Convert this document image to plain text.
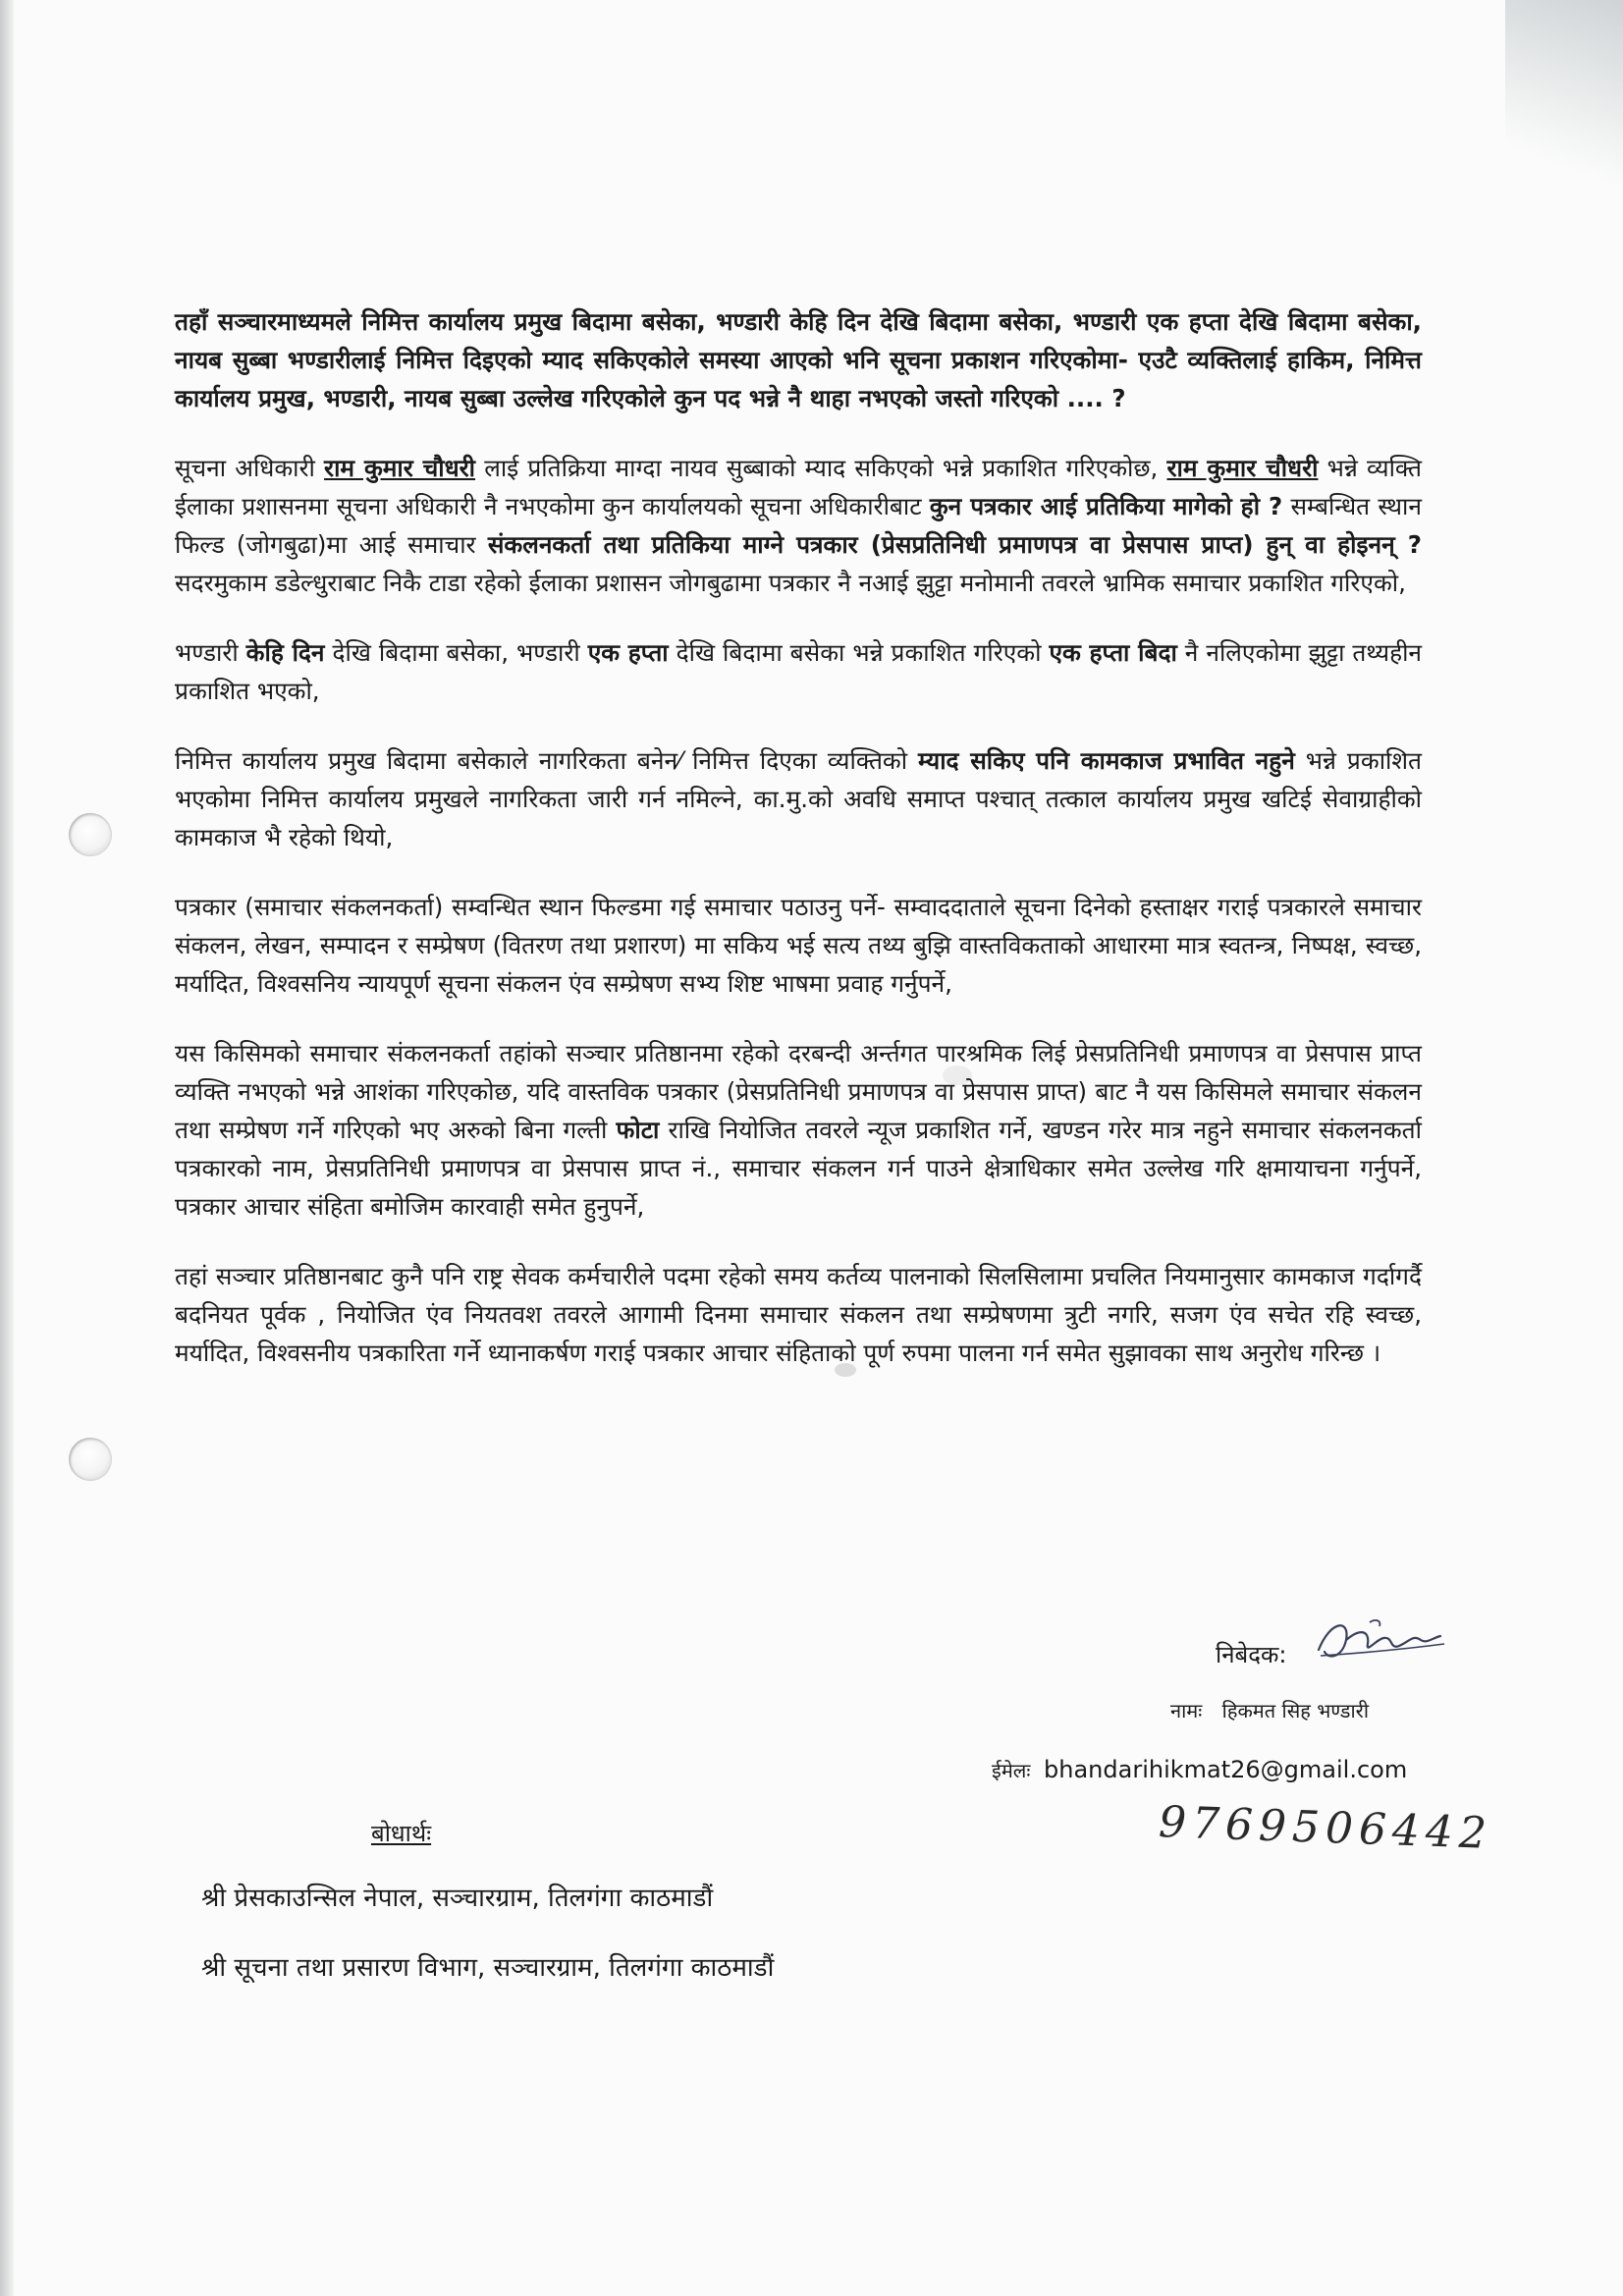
तहाँ सञ्चारमाध्यमले निमित्त कार्यालय प्रमुख बिदामा बसेका, भण्डारी केहि दिन देखि बिदामा बसेका, भण्डारी एक हप्ता देखि बिदामा बसेका, नायब सुब्बा भण्डारीलाई निमित्त दिइएको म्याद सकिएकोले समस्या आएको भनि सूचना प्रकाशन गरिएकोमा- एउटै व्यक्तिलाई हाकिम, निमित्त कार्यालय प्रमुख, भण्डारी, नायब सुब्बा उल्लेख गरिएकोले कुन पद भन्ने नै थाहा नभएको जस्तो गरिएको .... ?

सूचना अधिकारी राम कुमार चौधरी लाई प्रतिक्रिया माग्दा नायव सुब्बाको म्याद सकिएको भन्ने प्रकाशित गरिएकोछ, राम कुमार चौधरी भन्ने व्यक्ति ईलाका प्रशासनमा सूचना अधिकारी नै नभएकोमा कुन कार्यालयको सूचना अधिकारीबाट कुन पत्रकार आई प्रतिकिया मागेको हो ? सम्बन्धित स्थान फिल्ड (जोगबुढा)मा आई समाचार संकलनकर्ता तथा प्रतिकिया माग्ने पत्रकार (प्रेसप्रतिनिधी प्रमाणपत्र वा प्रेसपास प्राप्त) हुन् वा होइनन् ? सदरमुकाम डडेल्धुराबाट निकै टाडा रहेको ईलाका प्रशासन जोगबुढामा पत्रकार नै नआई झुट्टा मनोमानी तवरले भ्रामिक समाचार प्रकाशित गरिएको,

भण्डारी केहि दिन देखि बिदामा बसेका, भण्डारी एक हप्ता देखि बिदामा बसेका भन्ने प्रकाशित गरिएको एक हप्ता बिदा नै नलिएकोमा झुट्टा तथ्यहीन प्रकाशित भएको,

निमित्त कार्यालय प्रमुख बिदामा बसेकाले नागरिकता बनेन⁄ निमित्त दिएका व्यक्तिको म्याद सकिए पनि कामकाज प्रभावित नहुने भन्ने प्रकाशित भएकोमा निमित्त कार्यालय प्रमुखले नागरिकता जारी गर्न नमिल्ने, का.मु.को अवधि समाप्त पश्चात् तत्काल कार्यालय प्रमुख खटिई सेवाग्राहीको कामकाज भै रहेको थियो,

पत्रकार (समाचार संकलनकर्ता) सम्वन्धित स्थान फिल्डमा गई समाचार पठाउनु पर्ने- सम्वाददाताले सूचना दिनेको हस्ताक्षर गराई पत्रकारले समाचार संकलन, लेखन, सम्पादन र सम्प्रेषण (वितरण तथा प्रशारण) मा सकिय भई सत्य तथ्य बुझि वास्तविकताको आधारमा मात्र स्वतन्त्र, निष्पक्ष, स्वच्छ, मर्यादित, विश्वसनिय न्यायपूर्ण सूचना संकलन एंव सम्प्रेषण सभ्य शिष्ट भाषमा प्रवाह गर्नुपर्ने,

यस किसिमको समाचार संकलनकर्ता तहांको सञ्चार प्रतिष्ठानमा रहेको दरबन्दी अर्न्तगत पारश्रमिक लिई प्रेसप्रतिनिधी प्रमाणपत्र वा प्रेसपास प्राप्त व्यक्ति नभएको भन्ने आशंका गरिएकोछ, यदि वास्तविक पत्रकार (प्रेसप्रतिनिधी प्रमाणपत्र वा प्रेसपास प्राप्त) बाट नै यस किसिमले समाचार संकलन तथा सम्प्रेषण गर्ने गरिएको भए अरुको बिना गल्ती फोटा राखि नियोजित तवरले न्यूज प्रकाशित गर्ने, खण्डन गरेर मात्र नहुने समाचार संकलनकर्ता पत्रकारको नाम, प्रेसप्रतिनिधी प्रमाणपत्र वा प्रेसपास प्राप्त नं., समाचार संकलन गर्न पाउने क्षेत्राधिकार समेत उल्लेख गरि क्षमायाचना गर्नुपर्ने, पत्रकार आचार संहिता बमोजिम कारवाही समेत हुनुपर्ने,

तहां सञ्चार प्रतिष्ठानबाट कुनै पनि राष्ट्र सेवक कर्मचारीले पदमा रहेको समय कर्तव्य पालनाको सिलसिलामा प्रचलित नियमानुसार कामकाज गर्दागर्दै बदनियत पूर्वक , नियोजित एंव नियतवश तवरले आगामी दिनमा समाचार संकलन तथा सम्प्रेषणमा त्रुटी नगरि, सजग एंव सचेत रहि स्वच्छ, मर्यादित, विश्वसनीय पत्रकारिता गर्ने ध्यानाकर्षण गराई पत्रकार आचार संहिताको पूर्ण रुपमा पालना गर्न समेत सुझावका साथ अनुरोध गरिन्छ ।

निबेदक:
नामः हिकमत सिह भण्डारी
ईमेलः bhandarihikmat26@gmail.com
9769506442
बोधार्थः
श्री प्रेसकाउन्सिल नेपाल, सञ्चारग्राम, तिलगंगा काठमाडौं
श्री सूचना तथा प्रसारण विभाग, सञ्चारग्राम, तिलगंगा काठमाडौं
